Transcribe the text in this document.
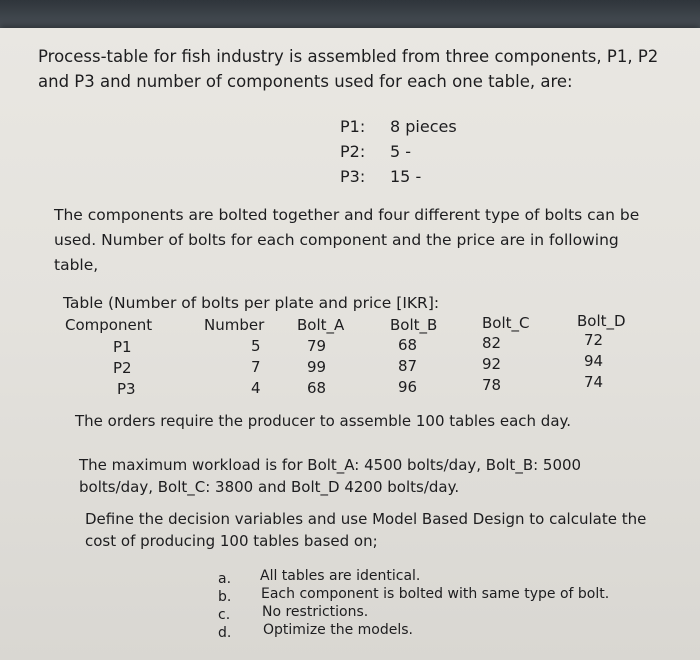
Process-table for fish industry is assembled from three components, P1, P2
and P3 and number of components used for each one table, are:
P1: 8 pieces
P2: 5 -
P3: 15 -
The components are bolted together and four different type of bolts can be
used. Number of bolts for each component and the price are in following
table,
Table (Number of bolts per plate and price [IKR]:
Component	Number Bolt_A	Bolt_B	Bolt_C	Bolt_D
P1	5	79	68	82	72
P2	7	99	87	92	94
P3	4	68	96	78	74
The orders require the producer to assemble 100 tables each day.
The maximum workload is for Bolt_A: 4500 bolts/day, Bolt_B: 5000
bolts/day, Bolt_C: 3800 and Bolt_D 4200 bolts/day.
Define the decision variables and use Model Based Design to calculate the
cost of producing 100 tables based on;
a. All tables are identical.
b. Each component is bolted with same type of bolt.
c. No restrictions.
d. Optimize the models.
